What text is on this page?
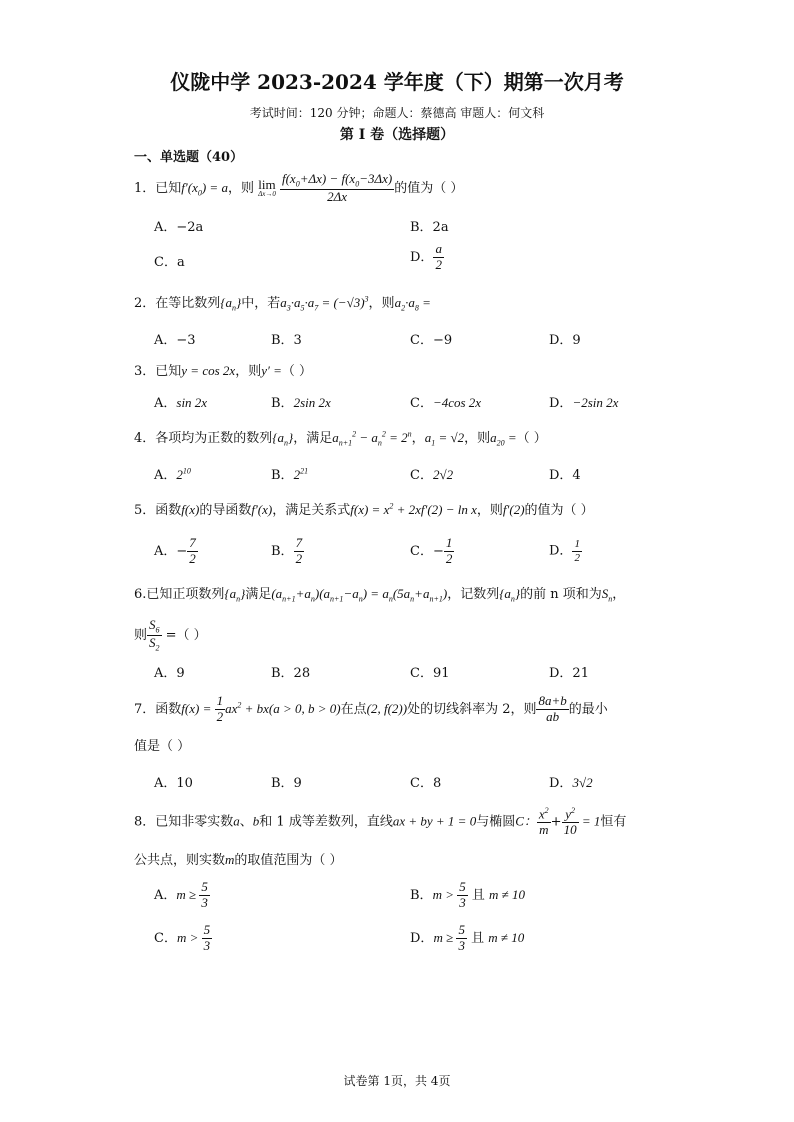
仪陇中学 2023-2024 学年度（下）期第一次月考
考试时间：120 分钟；命题人：蔡德高 审题人：何文科
第 I 卷（选择题）
一、单选题（40）
1．已知$f'(x_0) = a$，则 lim
Δx→0
$\frac{f(x_0+\Delta x) - f(x_0-3\Delta x)}{2\Delta x}$ 的值为（ ）
A．−2a	B．2a
C．a	D． $\frac{a}{2}$
2．在等比数列$\{a_n\}$中，若$a_3\cdot a_5\cdot a_7 = (-√3)^3$，则$a_2\cdot a_8$ =
A．−3	B．3	C．−9	D．9
3．已知y = cos 2x，则y′ =（ ）
A．sin 2x	B．2sin 2x	C．−4cos 2x	D．−2sin 2x
4．各项均为正数的数列$\{a_n\}$，满足$a_{n+1}^2 - a_n^2 = 2^n$，$a_1 = √2$，则$a_{20}$ =（ ）
A．$2^{10}$	B．$2^{21}$	C．2√2	D．4
5．函数f(x)的导函数f′(x)，满足关系式$f(x) = x^2 + 2xf'(2) - \ln x$，则f′(2)的值为（ ）
A．− $\frac{7}{2}$	B． $\frac{7}{2}$	C．− $\frac{1}{2}$	D． $\frac{1}{2}$
6.已知正项数列$\{a_n\}$满足$(a_{n+1}+a_n)(a_{n+1}-a_n) = a_n(5a_n+a_{n+1})$，记数列$\{a_n\}$的前 n 项和为$S_n$，
则 $\frac{S_6}{S_2}$ =（ ）
A．9	B．28	C．91	D．21
7．函数$f(x) = \frac{1}{2} ax^2 + bx(a > 0$, b > 0)在点(2, f(2))处的切线斜率为 2，则 $\frac{8a+b}{ab}$ 的最小
值是（ ）
A．10	B．9	C．8	D．3√2
8．已知非零实数a、b和 1 成等差数列，直线ax + by + 1 = 0与椭圆C： $\frac{x^2}{m} + \frac{y^2}{10} = 1$恒有
公共点，则实数m的取值范围为（ ）
A．$m \ge \frac{5}{3}$	B．$m > \frac{5}{3}$ 且 m ≠ 10
C．$m > \frac{5}{3}$	D．$m \ge \frac{5}{3}$ 且 m ≠ 10
试卷第 1页，共 4页
